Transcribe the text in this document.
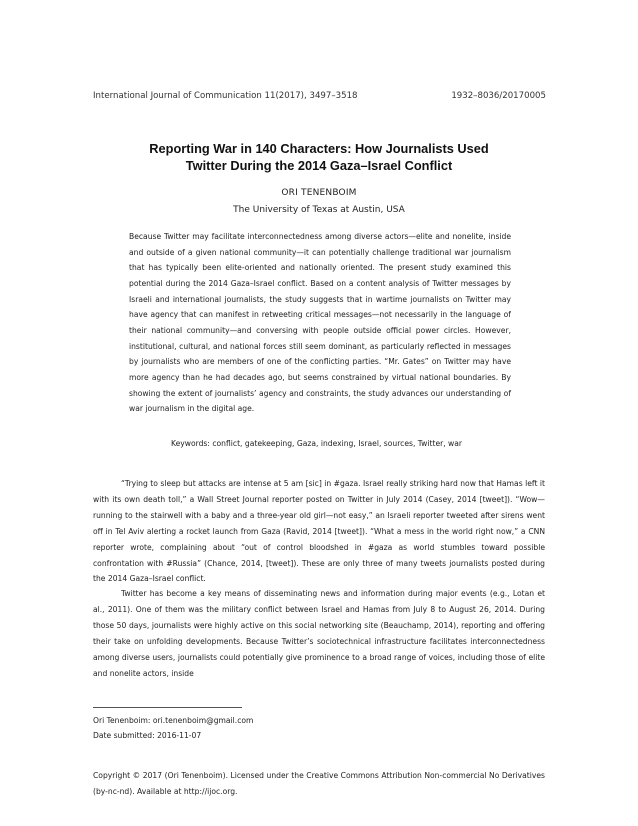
International Journal of Communication 11(2017), 3497–3518	1932–8036/20170005
Reporting War in 140 Characters: How Journalists Used
Twitter During the 2014 Gaza–Israel Conflict
ORI TENENBOIM
The University of Texas at Austin, USA

Because Twitter may facilitate interconnectedness among diverse actors—elite and nonelite, inside and outside of a given national community—it can potentially challenge traditional war journalism that has typically been elite-oriented and nationally oriented. The present study examined this potential during the 2014 Gaza–Israel conflict. Based on a content analysis of Twitter messages by Israeli and international journalists, the study suggests that in wartime journalists on Twitter may have agency that can manifest in retweeting critical messages—not necessarily in the language of their national community—and conversing with people outside official power circles. However, institutional, cultural, and national forces still seem dominant, as particularly reflected in messages by journalists who are members of one of the conflicting parties. “Mr. Gates” on Twitter may have more agency than he had decades ago, but seems constrained by virtual national boundaries. By showing the extent of journalists’ agency and constraints, the study advances our understanding of war journalism in the digital age.

Keywords: conflict, gatekeeping, Gaza, indexing, Israel, sources, Twitter, war

“Trying to sleep but attacks are intense at 5 am [sic] in #gaza. Israel really striking hard now that Hamas left it with its own death toll,” a Wall Street Journal reporter posted on Twitter in July 2014 (Casey, 2014 [tweet]). “Wow—running to the stairwell with a baby and a three-year old girl—not easy,” an Israeli reporter tweeted after sirens went off in Tel Aviv alerting a rocket launch from Gaza (Ravid, 2014 [tweet]). “What a mess in the world right now,” a CNN reporter wrote, complaining about “out of control bloodshed in #gaza as world stumbles toward possible confrontation with #Russia” (Chance, 2014, [tweet]). These are only three of many tweets journalists posted during the 2014 Gaza–Israel conflict.

Twitter has become a key means of disseminating news and information during major events (e.g., Lotan et al., 2011). One of them was the military conflict between Israel and Hamas from July 8 to August 26, 2014. During those 50 days, journalists were highly active on this social networking site (Beauchamp, 2014), reporting and offering their take on unfolding developments. Because Twitter’s sociotechnical infrastructure facilitates interconnectedness among diverse users, journalists could potentially give prominence to a broad range of voices, including those of elite and nonelite actors, inside

Ori Tenenboim: ori.tenenboim@gmail.com
Date submitted: 2016-11-07

Copyright © 2017 (Ori Tenenboim). Licensed under the Creative Commons Attribution Non-commercial No Derivatives (by-nc-nd). Available at http://ijoc.org.
